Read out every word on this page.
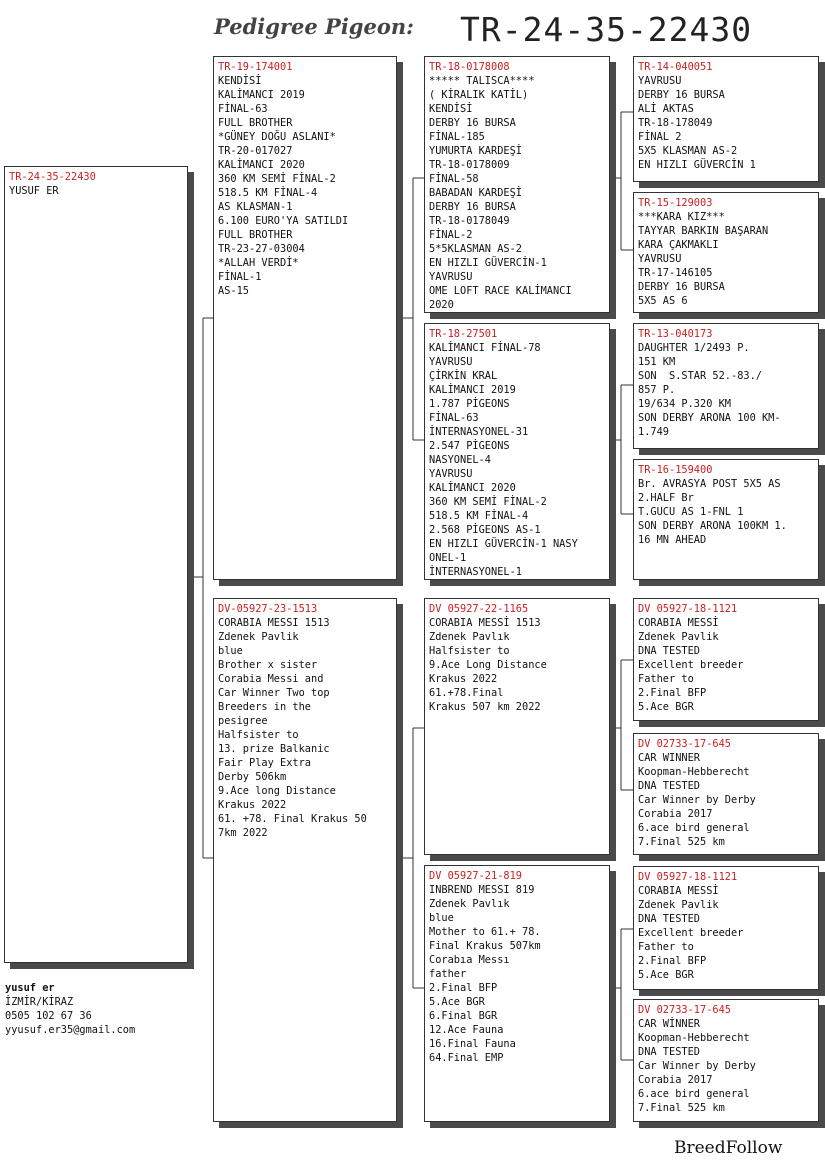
Pedigree Pigeon: TR-24-35-22430
TR-24-35-22430
YUSUF ER
TR-19-174001
KENDİSİ
KALİMANCI 2019
FİNAL-63
FULL BROTHER
*GÜNEY DOĞU ASLANI*
TR-20-017027
KALİMANCI 2020
360 KM SEMİ FİNAL-2
518.5 KM FİNAL-4
AS KLASMAN-1
6.100 EURO'YA SATILDI
FULL BROTHER
TR-23-27-03004
*ALLAH VERDİ*
FİNAL-1
AS-15
DV-05927-23-1513
CORABIA MESSI 1513
Zdenek Pavlik
blue
Brother x sister
Corabia Messi and
Car Winner Two top
Breeders in the
pesigree
Halfsister to
13. prize Balkanic
Fair Play Extra
Derby 506km
9.Ace long Distance
Krakus 2022
61. +78. Final Krakus 50
7km 2022
TR-18-0178008
***** TALISCA****
( KİRALIK KATİL)
KENDİSİ
DERBY 16 BURSA
FİNAL-185
YUMURTA KARDEŞİ
TR-18-0178009
FİNAL-58
BABADAN KARDEŞİ
DERBY 16 BURSA
TR-18-0178049
FİNAL-2
5*5KLASMAN AS-2
EN HIZLI GÜVERCİN-1
YAVRUSU
OME LOFT RACE KALİMANCI
2020
TR-18-27501
KALİMANCI FİNAL-78
YAVRUSU
ÇİRKİN KRAL
KALİMANCI 2019
1.787 PİGEONS
FİNAL-63
İNTERNASYONEL-31
2.547 PİGEONS
NASYONEL-4
YAVRUSU
KALİMANCI 2020
360 KM SEMİ FİNAL-2
518.5 KM FİNAL-4
2.568 PİGEONS AS-1
EN HIZLI GÜVERCİN-1 NASY
ONEL-1
İNTERNASYONEL-1
DV 05927-22-1165
CORABIA MESSİ 1513
Zdenek Pavlık
Halfsister to
9.Ace Long Distance
Krakus 2022
61.+78.Final
Krakus 507 km 2022
DV 05927-21-819
INBREND MESSI 819
Zdenek Pavlık
blue
Mother to 61.+ 78.
Final Krakus 507km
Corabıa Messı
father
2.Final BFP
5.Ace BGR
6.Final BGR
12.Ace Fauna
16.Final Fauna
64.Final EMP
TR-14-040051
YAVRUSU
DERBY 16 BURSA
ALİ AKTAS
TR-18-178049
FİNAL 2
5X5 KLASMAN AS-2
EN HIZLI GÜVERCİN 1
TR-15-129003
***KARA KIZ***
TAYYAR BARKIN BAŞARAN
KARA ÇAKMAKLI
YAVRUSU
TR-17-146105
DERBY 16 BURSA
5X5 AS 6
TR-13-040173
DAUGHTER 1/2493 P.
151 KM
SON  S.STAR 52.-83./
857 P.
19/634 P.320 KM
SON DERBY ARONA 100 KM-
1.749
TR-16-159400
Br. AVRASYA POST 5X5 AS
2.HALF Br
T.GUCU AS 1-FNL 1
SON DERBY ARONA 100KM 1.
16 MN AHEAD
DV 05927-18-1121
CORABIA MESSİ
Zdenek Pavlik
DNA TESTED
Excellent breeder
Father to
2.Final BFP
5.Ace BGR
DV 02733-17-645
CAR WINNER
Koopman-Hebberecht
DNA TESTED
Car Winner by Derby
Corabia 2017
6.ace bird general
7.Final 525 km
DV 05927-18-1121
CORABIA MESSİ
Zdenek Pavlik
DNA TESTED
Excellent breeder
Father to
2.Final BFP
5.Ace BGR
DV 02733-17-645
CAR WİNNER
Koopman-Hebberecht
DNA TESTED
Car Winner by Derby
Corabia 2017
6.ace bird general
7.Final 525 km
yusuf er
İZMİR/KİRAZ
0505 102 67 36
yyusuf.er35@gmail.com
BreedFollow
